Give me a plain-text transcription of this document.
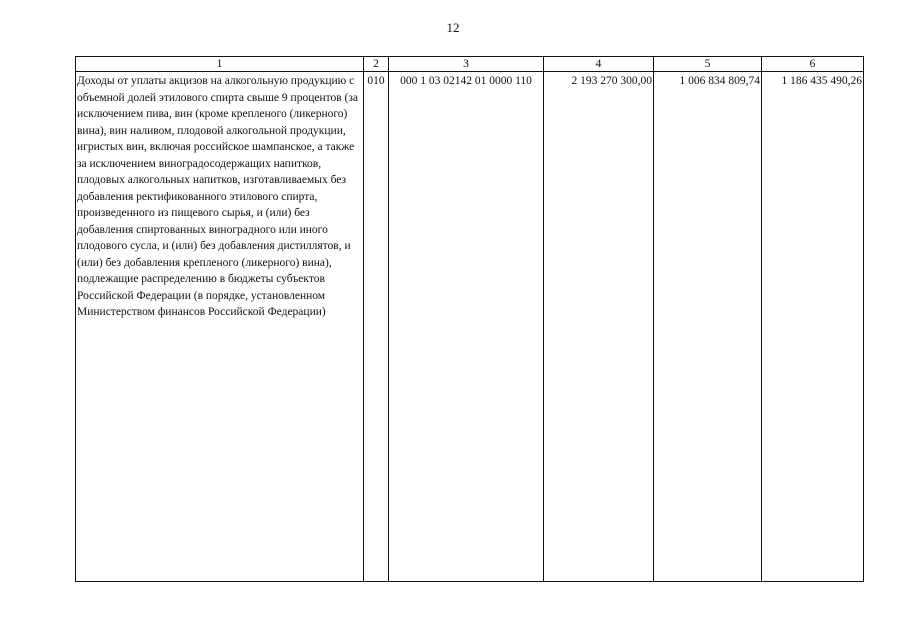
12
1	2	3	4	5	6
Доходы от уплаты акцизов на алкогольную продукцию с объемной долей этилового спирта свыше 9 процентов (за исключением пива, вин (кроме крепленого (ликерного) вина), вин наливом, плодовой алкогольной продукции, игристых вин, включая российское шампанское, а также за исключением виноградосодержащих напитков, плодовых алкогольных напитков, изготавливаемых без добавления ректификованного этилового спирта, произведенного из пищевого сырья, и (или) без добавления спиртованных виноградного или иного плодового сусла, и (или) без добавления дистиллятов, и (или) без добавления крепленого (ликерного) вина), подлежащие распределению в бюджеты субъектов Российской Федерации (в порядке, установленном Министерством финансов Российской Федерации)	010	000 1 03 02142 01 0000 110	2 193 270 300,00	1 006 834 809,74	1 186 435 490,26
